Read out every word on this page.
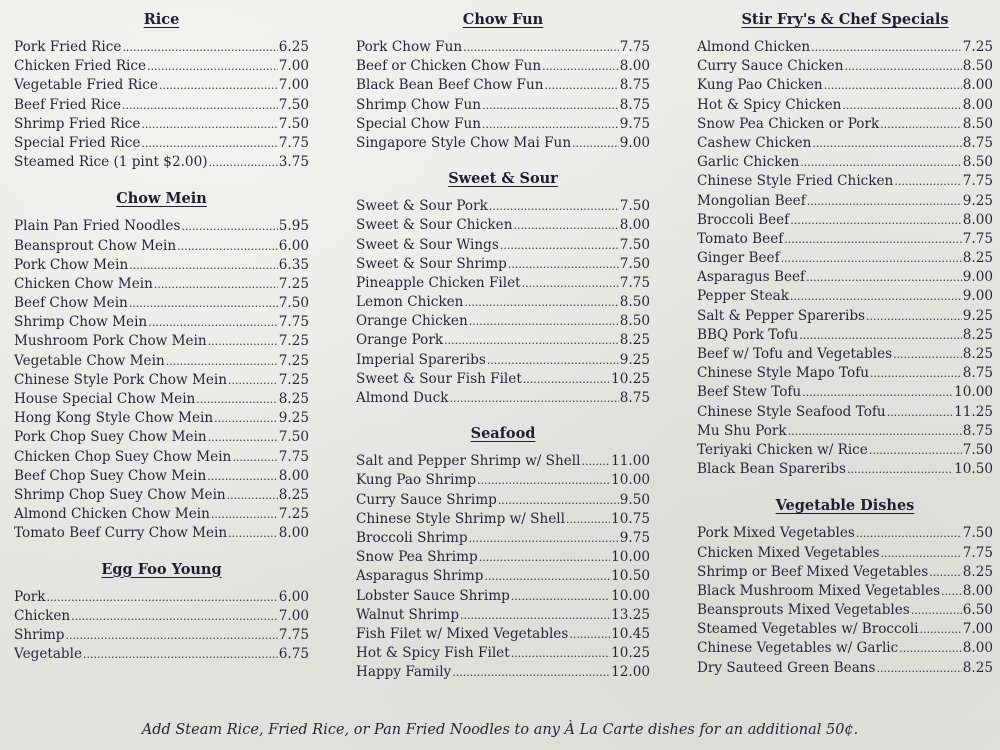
Rice
Pork Fried Rice .....	6.25
Chicken Fried Rice .....	7.00
Vegetable Fried Rice .....	7.00
Beef Fried Rice .....	7.50
Shrimp Fried Rice .....	7.50
Special Fried Rice .....	7.75
Steamed Rice (1 pint $2.00) .....	3.75
Chow Mein
Plain Pan Fried Noodles .....	5.95
Beansprout Chow Mein .....	6.00
Pork Chow Mein .....	6.35
Chicken Chow Mein .....	7.25
Beef Chow Mein .....	7.50
Shrimp Chow Mein .....	7.75
Mushroom Pork Chow Mein .....	7.25
Vegetable Chow Mein .....	7.25
Chinese Style Pork Chow Mein .....	7.25
House Special Chow Mein .....	8.25
Hong Kong Style Chow Mein .....	9.25
Pork Chop Suey Chow Mein .....	7.50
Chicken Chop Suey Chow Mein .....	7.75
Beef Chop Suey Chow Mein .....	8.00
Shrimp Chop Suey Chow Mein .....	8.25
Almond Chicken Chow Mein .....	7.25
Tomato Beef Curry Chow Mein .....	8.00
Egg Foo Young
Pork .....	6.00
Chicken .....	7.00
Shrimp .....	7.75
Vegetable .....	6.75
Chow Fun
Pork Chow Fun .....	7.75
Beef or Chicken Chow Fun .....	8.00
Black Bean Beef Chow Fun .....	8.75
Shrimp Chow Fun .....	8.75
Special Chow Fun .....	9.75
Singapore Style Chow Mai Fun .....	9.00
Sweet & Sour
Sweet & Sour Pork .....	7.50
Sweet & Sour Chicken .....	8.00
Sweet & Sour Wings .....	7.50
Sweet & Sour Shrimp .....	7.50
Pineapple Chicken Filet .....	7.75
Lemon Chicken .....	8.50
Orange Chicken .....	8.50
Orange Pork .....	8.25
Imperial Spareribs .....	9.25
Sweet & Sour Fish Filet .....	10.25
Almond Duck .....	8.75
Seafood
Salt and Pepper Shrimp w/ Shell ..... 11.00
Kung Pao Shrimp .....	10.00
Curry Sauce Shrimp .....	9.50
Chinese Style Shrimp w/ Shell .....	10.75
Broccoli Shrimp .....	9.75
Snow Pea Shrimp .....	10.00
Asparagus Shrimp .....	10.50
Lobster Sauce Shrimp .....	10.00
Walnut Shrimp .....	13.25
Fish Filet w/ Mixed Vegetables .....	10.45
Hot & Spicy Fish Filet .....	10.25
Happy Family .....	12.00
Stir Fry's & Chef Specials
Almond Chicken .....	7.25
Curry Sauce Chicken .....	8.50
Kung Pao Chicken .....	8.00
Hot & Spicy Chicken .....	8.00
Snow Pea Chicken or Pork .....	8.50
Cashew Chicken .....	8.75
Garlic Chicken .....	8.50
Chinese Style Fried Chicken .....	7.75
Mongolian Beef .....	9.25
Broccoli Beef .....	8.00
Tomato Beef .....	7.75
Ginger Beef .....	8.25
Asparagus Beef .....	9.00
Pepper Steak .....	9.00
Salt & Pepper Spareribs .....	9.25
BBQ Pork Tofu .....	8.25
Beef w/ Tofu and Vegetables .....	8.25
Chinese Style Mapo Tofu .....	8.75
Beef Stew Tofu .....	10.00
Chinese Style Seafood Tofu .....	11.25
Mu Shu Pork .....	8.75
Teriyaki Chicken w/ Rice .....	7.50
Black Bean Spareribs .....	10.50
Vegetable Dishes
Pork Mixed Vegetables .....	7.50
Chicken Mixed Vegetables .....	7.75
Shrimp or Beef Mixed Vegetables .....	8.25
Black Mushroom Mixed Vegetables ..... 8.00
Beansprouts Mixed Vegetables .....	6.50
Steamed Vegetables w/ Broccoli .....	7.00
Chinese Vegetables w/ Garlic .....	8.00
Dry Sauteed Green Beans .....	8.25
Add Steam Rice, Fried Rice, or Pan Fried Noodles to any À La Carte dishes for an additional 50¢.
